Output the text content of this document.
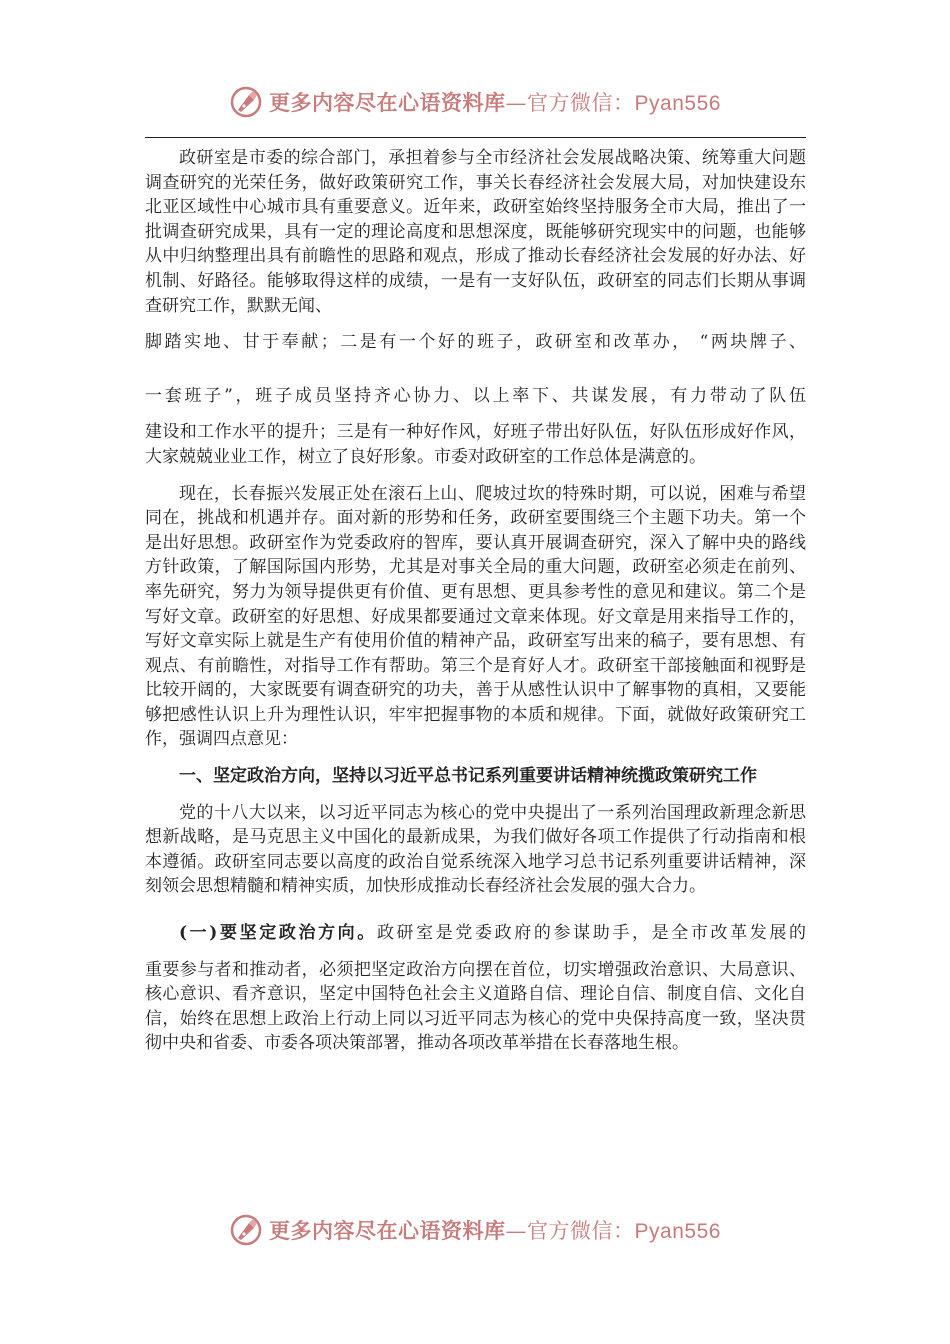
更多内容尽在心语资料库—官方微信：Pyan556

政研室是市委的综合部门，承担着参与全市经济社会发展战略决策、统筹重大问题调查研究的光荣任务，做好政策研究工作，事关长春经济社会发展大局，对加快建设东北亚区域性中心城市具有重要意义。近年来，政研室始终坚持服务全市大局，推出了一批调查研究成果，具有一定的理论高度和思想深度，既能够研究现实中的问题，也能够从中归纳整理出具有前瞻性的思路和观点，形成了推动长春经济社会发展的好办法、好机制、好路径。能够取得这样的成绩，一是有一支好队伍，政研室的同志们长期从事调查研究工作，默默无闻、

脚踏实地、甘于奉献；二是有一个好的班子，政研室和改革办， “两块牌子、

一套班子”，班子成员坚持齐心协力、以上率下、共谋发展，有力带动了队伍

建设和工作水平的提升；三是有一种好作风，好班子带出好队伍，好队伍形成好作风，大家兢兢业业工作，树立了良好形象。市委对政研室的工作总体是满意的。

现在，长春振兴发展正处在滚石上山、爬坡过坎的特殊时期，可以说，困难与希望同在，挑战和机遇并存。面对新的形势和任务，政研室要围绕三个主题下功夫。第一个是出好思想。政研室作为党委政府的智库，要认真开展调查研究，深入了解中央的路线方针政策，了解国际国内形势，尤其是对事关全局的重大问题，政研室必须走在前列、率先研究，努力为领导提供更有价值、更有思想、更具参考性的意见和建议。第二个是写好文章。政研室的好思想、好成果都要通过文章来体现。好文章是用来指导工作的，写好文章实际上就是生产有使用价值的精神产品，政研室写出来的稿子，要有思想、有观点、有前瞻性，对指导工作有帮助。第三个是育好人才。政研室干部接触面和视野是比较开阔的，大家既要有调查研究的功夫，善于从感性认识中了解事物的真相，又要能够把感性认识上升为理性认识，牢牢把握事物的本质和规律。下面，就做好政策研究工作，强调四点意见：

一、坚定政治方向，坚持以习近平总书记系列重要讲话精神统揽政策研究工作

党的十八大以来，以习近平同志为核心的党中央提出了一系列治国理政新理念新思想新战略，是马克思主义中国化的最新成果，为我们做好各项工作提供了行动指南和根本遵循。政研室同志要以高度的政治自觉系统深入地学习总书记系列重要讲话精神，深刻领会思想精髓和精神实质，加快形成推动长春经济社会发展的强大合力。

(一)要坚定政治方向。政研室是党委政府的参谋助手，是全市改革发展的

重要参与者和推动者，必须把坚定政治方向摆在首位，切实增强政治意识、大局意识、核心意识、看齐意识，坚定中国特色社会主义道路自信、理论自信、制度自信、文化自信，始终在思想上政治上行动上同以习近平同志为核心的党中央保持高度一致，坚决贯彻中央和省委、市委各项决策部署，推动各项改革举措在长春落地生根。

更多内容尽在心语资料库—官方微信：Pyan556
